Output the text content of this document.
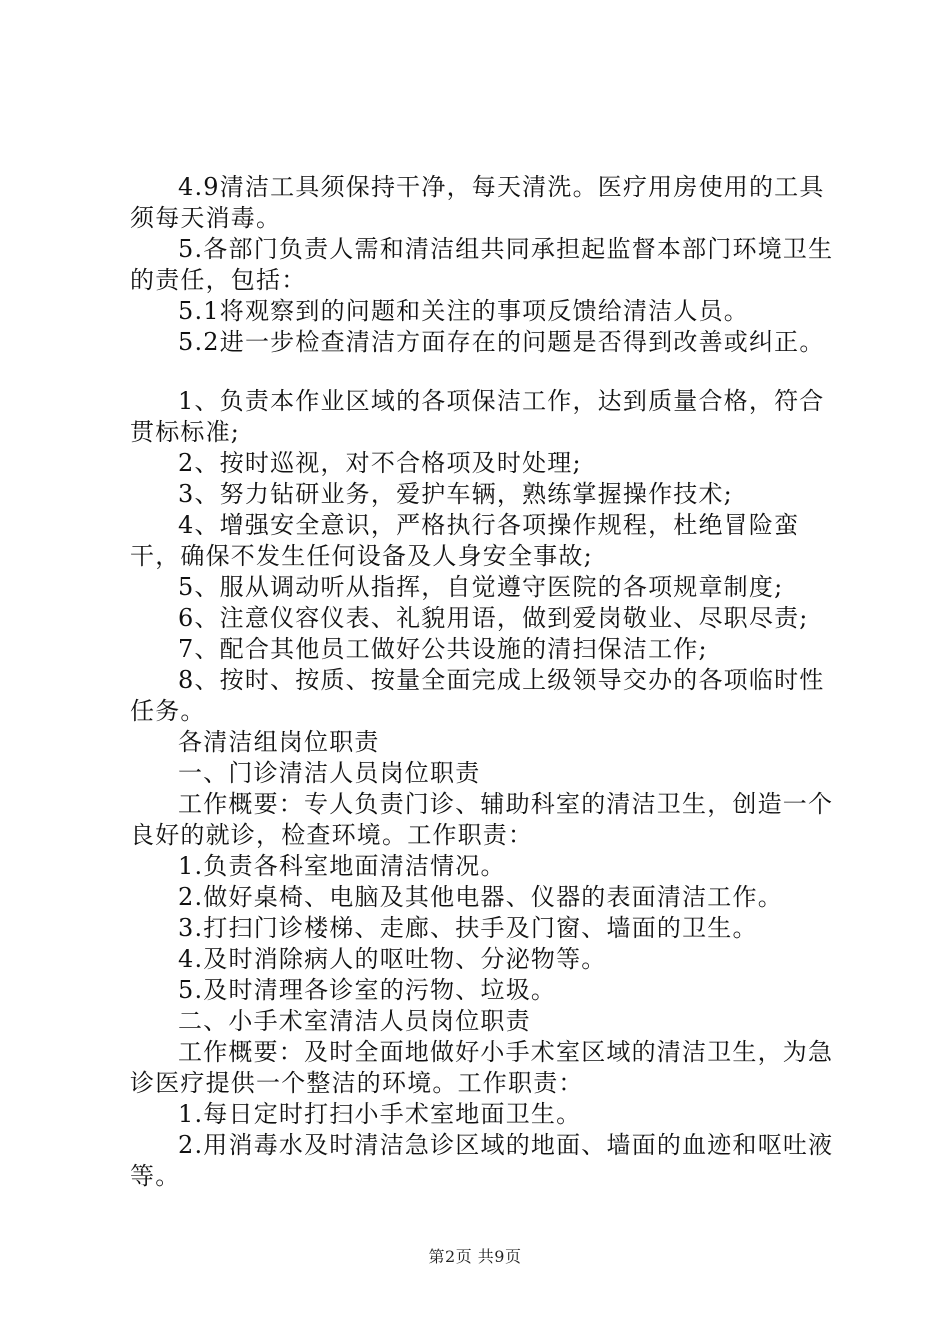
4.9清洁工具须保持干净，每天清洗。医疗用房使用的工具须每天消毒。

5.各部门负责人需和清洁组共同承担起监督本部门环境卫生的责任，包括：

5.1将观察到的问题和关注的事项反馈给清洁人员。

5.2进一步检查清洁方面存在的问题是否得到改善或纠正。

1、负责本作业区域的各项保洁工作，达到质量合格，符合贯标标准;

2、按时巡视，对不合格项及时处理;

3、努力钻研业务，爱护车辆，熟练掌握操作技术;

4、增强安全意识，严格执行各项操作规程，杜绝冒险蛮干，确保不发生任何设备及人身安全事故;

5、服从调动听从指挥，自觉遵守医院的各项规章制度;

6、注意仪容仪表、礼貌用语，做到爱岗敬业、尽职尽责;

7、配合其他员工做好公共设施的清扫保洁工作;

8、按时、按质、按量全面完成上级领导交办的各项临时性任务。

各清洁组岗位职责

一、门诊清洁人员岗位职责

工作概要：专人负责门诊、辅助科室的清洁卫生，创造一个良好的就诊，检查环境。工作职责：

1.负责各科室地面清洁情况。

2.做好桌椅、电脑及其他电器、仪器的表面清洁工作。

3.打扫门诊楼梯、走廊、扶手及门窗、墙面的卫生。

4.及时消除病人的呕吐物、分泌物等。

5.及时清理各诊室的污物、垃圾。

二、小手术室清洁人员岗位职责

工作概要：及时全面地做好小手术室区域的清洁卫生，为急诊医疗提供一个整洁的环境。工作职责：

1.每日定时打扫小手术室地面卫生。

2.用消毒水及时清洁急诊区域的地面、墙面的血迹和呕吐液等。

第2页 共9页
